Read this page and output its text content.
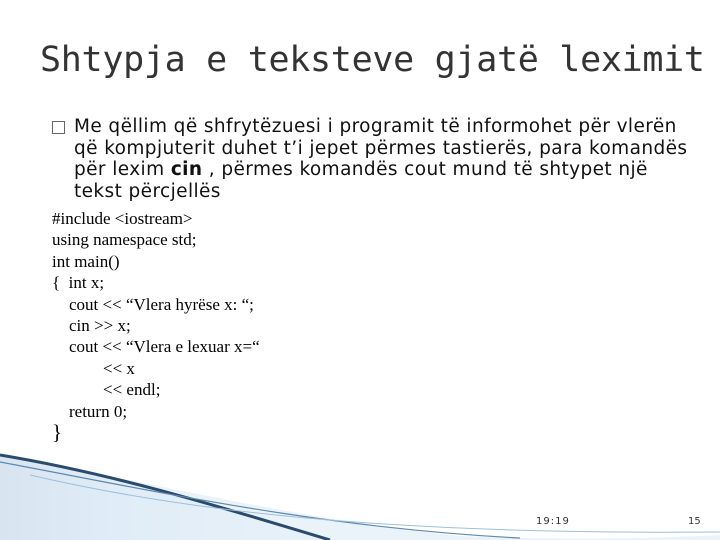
Shtypja e teksteve gjatë leximit

Me qëllim që shfrytëzuesi i programit të informohet për vlerën që kompjuterit duhet t’i jepet përmes tastierës, para komandës për lexim cin , përmes komandës cout mund të shtypet një tekst përcjellës

#include <iostream>
using namespace std;
int main()
{  int x;
cout << “Vlera hyrëse x: “;
cin >> x;
cout << “Vlera e lexuar x=“
<< x
<< endl;
return 0;
}
19:19	15
